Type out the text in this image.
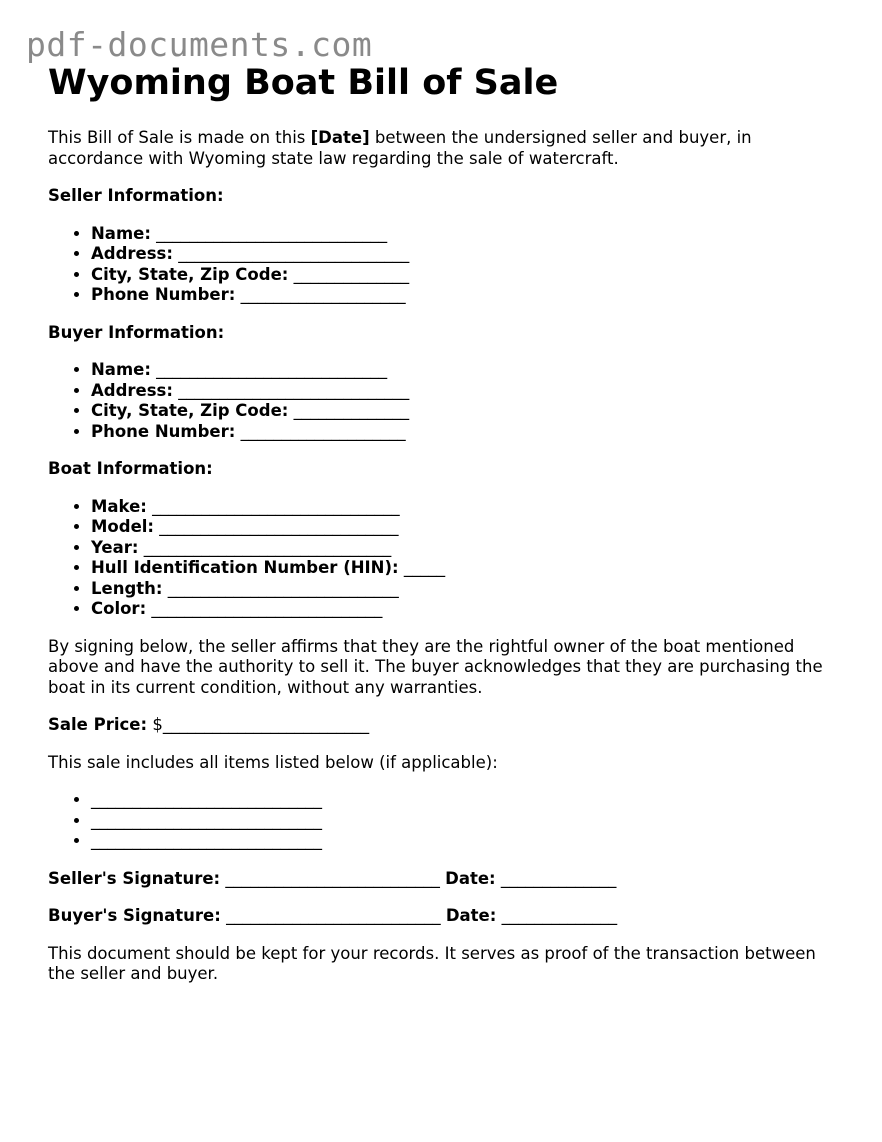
pdf-documents.com
Wyoming Boat Bill of Sale

This Bill of Sale is made on this [Date] between the undersigned seller and buyer, in accordance with Wyoming state law regarding the sale of watercraft.

Seller Information:
• Name: ____________________________
• Address: ____________________________
• City, State, Zip Code: ______________
• Phone Number: ____________________
Buyer Information:
• Name: ____________________________
• Address: ____________________________
• City, State, Zip Code: ______________
• Phone Number: ____________________
Boat Information:
• Make: ______________________________
• Model: _____________________________
• Year: ______________________________
• Hull Identification Number (HIN): _____
• Length: ____________________________
• Color: ____________________________

By signing below, the seller affirms that they are the rightful owner of the boat mentioned above and have the authority to sell it. The buyer acknowledges that they are purchasing the boat in its current condition, without any warranties.

Sale Price: $_________________________

This sale includes all items listed below (if applicable):

• ____________________________
• ____________________________
• ____________________________
Seller's Signature: __________________________ Date: ______________
Buyer's Signature: __________________________ Date: ______________

This document should be kept for your records. It serves as proof of the transaction between the seller and buyer.
